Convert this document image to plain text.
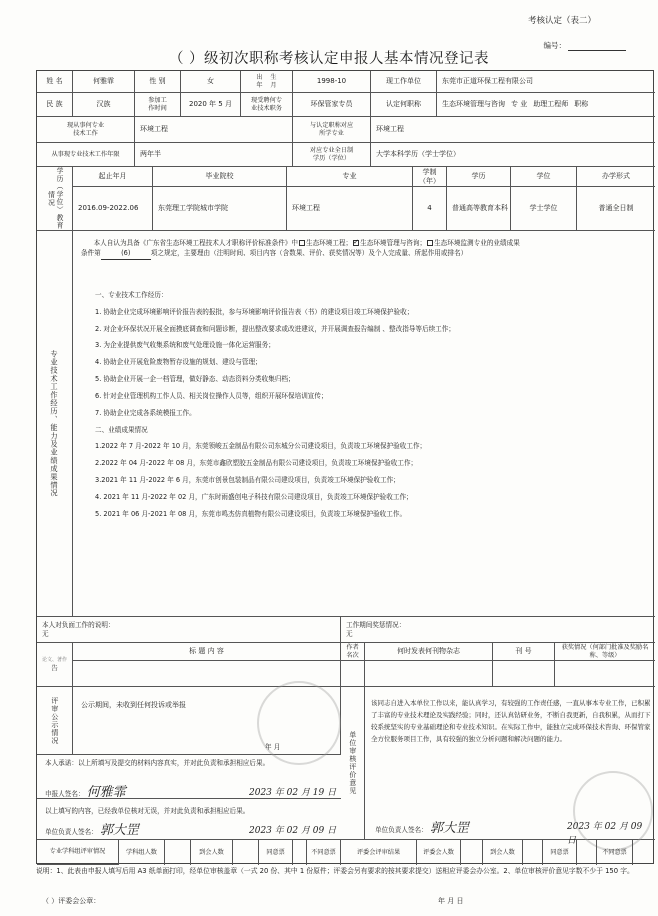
考核认定（表二）
编号：
（ ）级初次职称考核认定申报人基本情况登记表
姓 名	何雅霏	性 别	女	出    生
年    月	1998-10	现工作单位	东莞市正道环保工程有限公司
民 族	汉族	参加工
作时间	2020 年 5 月	现受聘何专
业技术职务	环保管家专员	认定何职称	生态环境管理与咨询 专 业 助理工程师 职称
现从事何专业
技术工作	环境工程	与认定职称对应
所学专业	环境工程
从事现专业技术工作年限	两年半	对应专业全日制
学历（学位）	大学本科学历（学士学位）
学历（学位）教育情况
专业技术工作经历、能力及业绩成果情况
本人自认为具备《广东省生态环境工程技术人才职称评价标准条件》中 生态环境工程；✓ 生态环境管理与咨询； 生态环境监测专业的业绩成果
条件第	(6)	项之规定，主要理由（注明时间、项目内容（含数果、评价、获奖情况等）及个人完成量、所起作用或排名）
一、专业技术工作经历：
1. 协助企业完成环境影响评价报告表的报批，参与环境影响评价报告表（书）的建设项目竣工环境保护验收；
2. 对企业环保状况开展全面摸底调查和问题诊断，提出整改要求或改进建议，并开展调查报告编制 、整改指导等后续工作；
3. 为企业提供废气收集系统和废气处理设施一体化运营服务；
4. 协助企业开展危险废物暂存设施的规划、建设与管理；
5. 协助企业开展一企一档管理，做好静态、动态资料分类收集归档；
6. 针对企业管理机构工作人员、相关岗位操作人员等，组织开展环保培训宣传；
7. 协助企业完成各系统模报工作。
二、业绩成果情况
1.2022 年 7 月-2022 年 10 月，东莞领峻五金制品有限公司东城分公司建设项目，负责竣工环境保护验收工作；
2.2022 年 04 月-2022 年 08 月，东莞市鑫欣塑胶五金制品有限公司建设项目，负责竣工环境保护验收工作；
3.2021 年 11 月-2022 年 6 月，东莞市创景包装制品有限公司建设项目，负责竣工环境保护验收工作；
4. 2021 年 11 月-2022 年 02 月，广东时雨盛创电子科技有限公司建设项目，负责竣工环境保护验收工作；
5. 2021 年 06 月-2021 年 08 月，东莞市鸣杰仿真植物有限公司建设项目，负责竣工环境保护验收工作。
本人对负面工作的说明：
无
工作期间奖惩情况：
无
论文、著作
告
标 题 内 容	作者
名次	何时发表何刊物杂志	刊 号	获奖情况（何部门批准及奖励名称、等级）
评审公示情况	公示期间，未收到任何投诉或举报
年 月	单位审核评价意见
该同志自进入本单位工作以来，能认真学习，有较强的工作责任感，一直从事本专业工作，已积累了丰富的专业技术理论及实践经验；同时，还认真钻研业务，不断自我更新，自我积累，从而打下较系统坚实的专业基础理论和专业技术知识。在实际工作中，能独立完成环保技术咨询、环保管家全方位服务项目工作，具有较强的独立分析问题和解决问题的能力。
单位负责人签名： 郭大罡	2023 年 02 月 09 日
本人承诺：以上所填写及提交的材料内容真实，并对此负责和承担相应后果。
申报人签名： 何雅霏	2023 年 02 月 19 日
以上填写的内容，已经我单位核对无误，并对此负责和承担相应后果。
单位负责人签名： 郭大罡	2023 年 02 月 09 日
专业学科组评审情况
起止年月	毕业院校	专业
学制（年）
学历	学位	办学形式
2016.09-2022.06	东莞理工学院城市学院	环境工程	4	普通高等教育本科	学士学位	普通全日制
学科组人数	到会人数	同意票	不同意票	评委会评审结果	评委会人数	到会人数	同意票	不同意票
说明：1、此表由申报人填写后用 A3 纸单面打印，经单位审核盖章（一式 20 份、其中 1 份原件；评委会另有要求的按其要求提交）送相应评委会办公室。2、单位审核评价意见字数不少于 150 字。
（ ）评委会公章：	年 月 日
